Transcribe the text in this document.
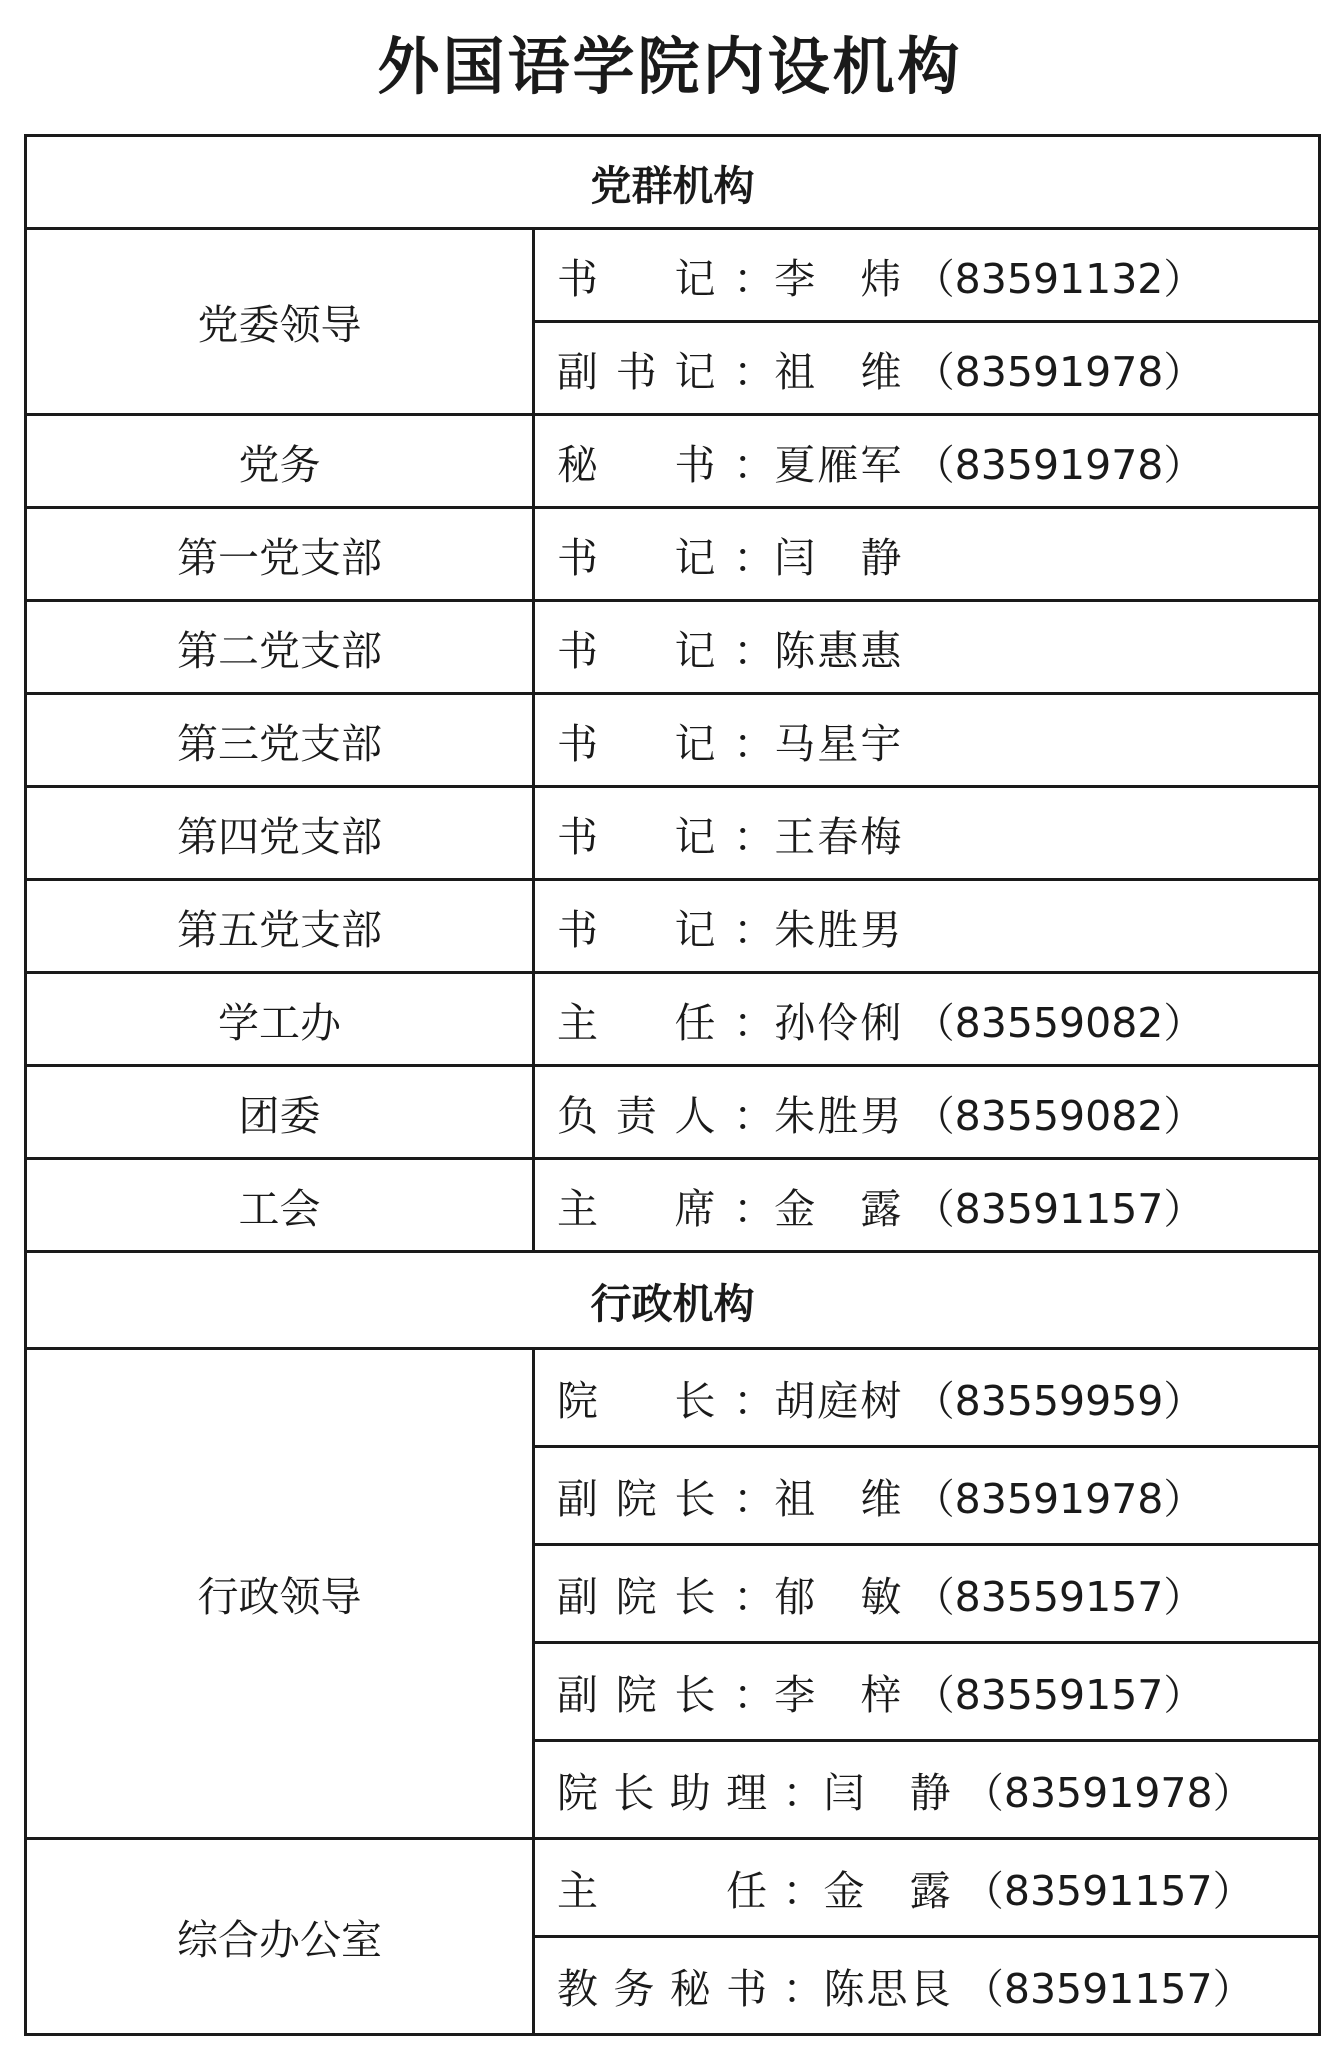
外国语学院内设机构
党群机构	
党委领导	书　记： 李　炜 （83591132）

	副书记： 祖　维 （83591978）

党务	秘　书： 夏雁军 （83591978）

第一党支部	书　记： 闫　静

第二党支部	书　记： 陈惠惠

第三党支部	书　记： 马星宇

第四党支部	书　记： 王春梅

第五党支部	书　记： 朱胜男

学工办	主　任： 孙伶俐 （83559082）

团委	负责人： 朱胜男 （83559082）

工会	主　席： 金　露 （83591157）

行政机构	
行政领导	院　长： 胡庭树 （83559959）

	副院长： 祖　维 （83591978）

	副院长： 郁　敏 （83559157）

	副院长： 李　梓 （83559157）

	院长助理： 闫　静 （83591978）

综合办公室	主　　任： 金　露 （83591157）

	教务秘书： 陈思艮 （83591157）
